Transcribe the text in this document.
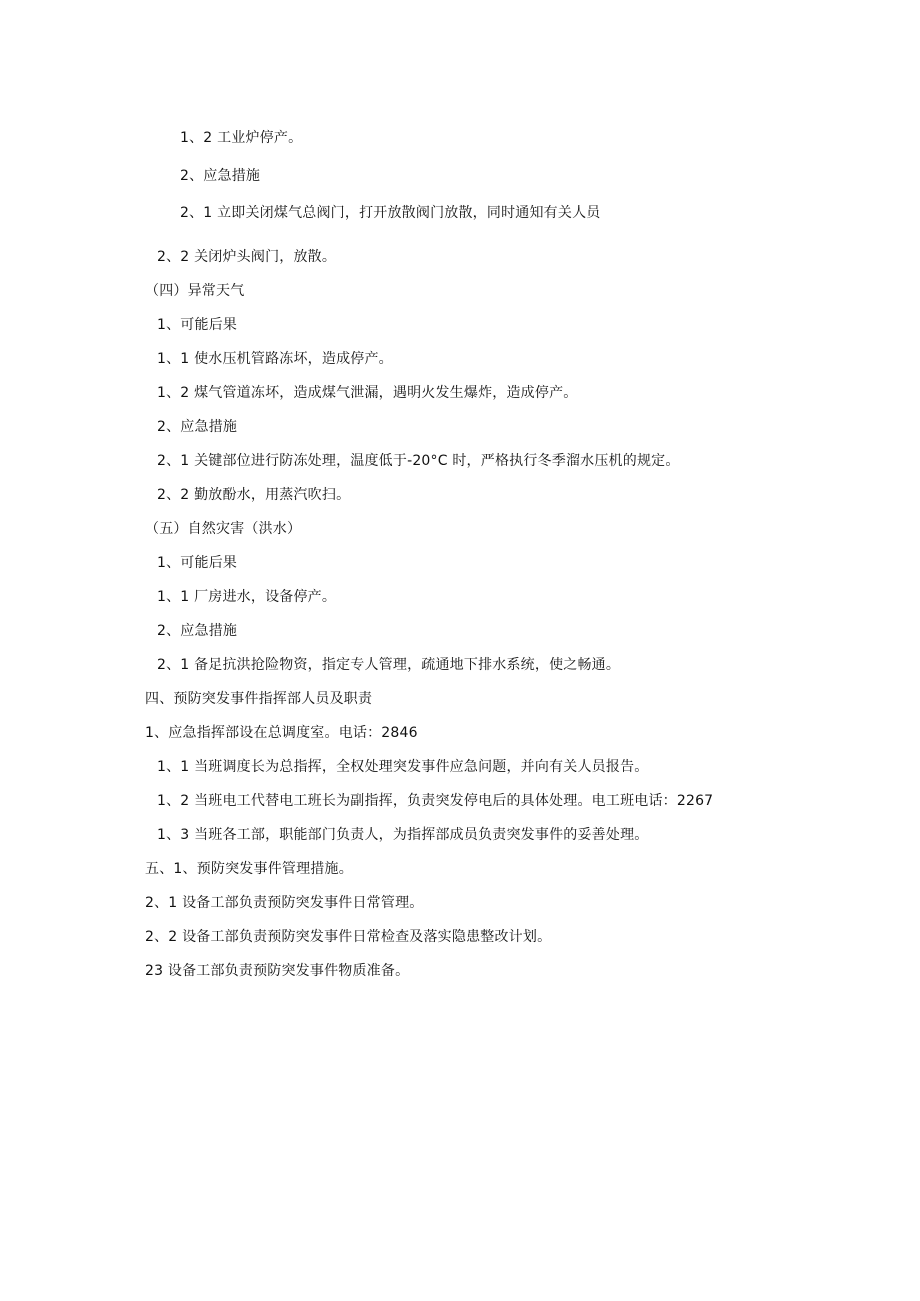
1、2 工业炉停产。
2、应急措施
2、1 立即关闭煤气总阀门，打开放散阀门放散，同时通知有关人员
2、2 关闭炉头阀门，放散。
（四）异常天气
1、可能后果
1、1 使水压机管路冻坏，造成停产。
1、2 煤气管道冻坏，造成煤气泄漏，遇明火发生爆炸，造成停产。
2、应急措施
2、1 关键部位进行防冻处理，温度低于-20°C 时，严格执行冬季溜水压机的规定。
2、2 勤放酚水，用蒸汽吹扫。
（五）自然灾害（洪水）
1、可能后果
1、1 厂房进水，设备停产。
2、应急措施
2、1 备足抗洪抢险物资，指定专人管理，疏通地下排水系统，使之畅通。
四、预防突发事件指挥部人员及职责
1、应急指挥部设在总调度室。电话：2846
1、1 当班调度长为总指挥，全权处理突发事件应急问题，并向有关人员报告。
1、2 当班电工代替电工班长为副指挥，负责突发停电后的具体处理。电工班电话：2267
1、3 当班各工部，职能部门负责人，为指挥部成员负责突发事件的妥善处理。
五、1、预防突发事件管理措施。
2、1 设备工部负责预防突发事件日常管理。
2、2 设备工部负责预防突发事件日常检查及落实隐患整改计划。
23 设备工部负责预防突发事件物质准备。
